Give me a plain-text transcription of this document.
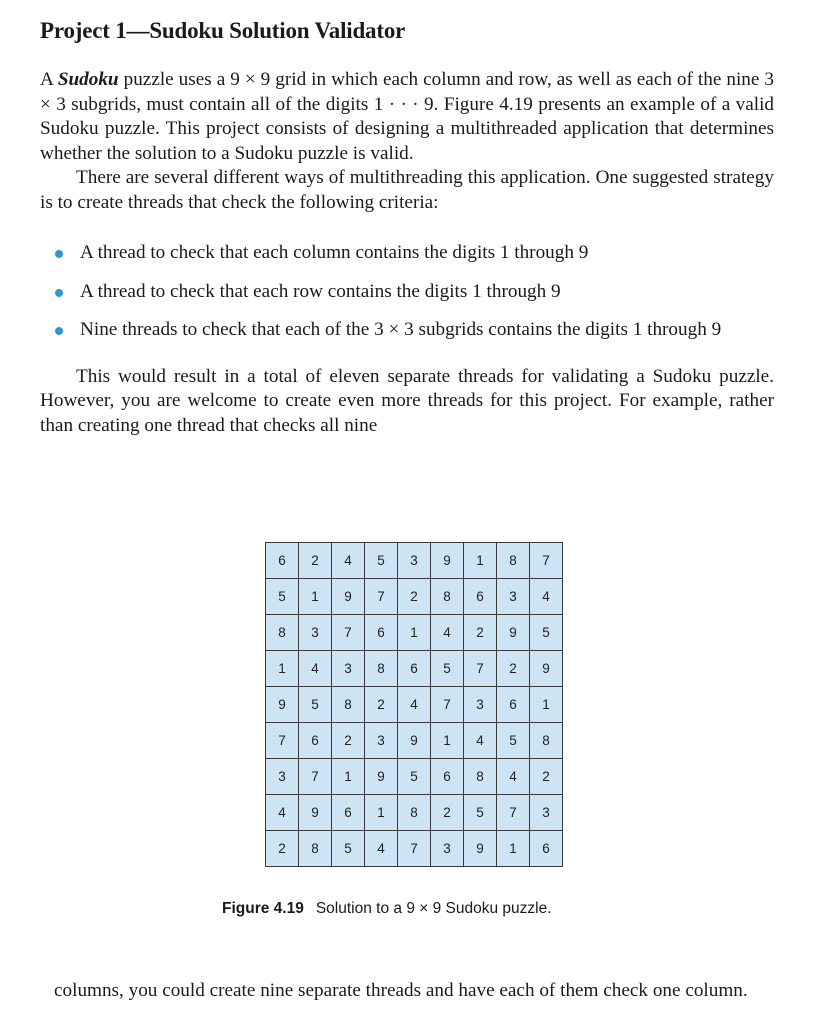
Project 1—Sudoku Solution Validator

A Sudoku puzzle uses a 9 × 9 grid in which each column and row, as well as each of the nine 3 × 3 subgrids, must contain all of the digits 1 · · · 9. Figure 4.19 presents an example of a valid Sudoku puzzle. This project consists of designing a multithreaded application that determines whether the solution to a Sudoku puzzle is valid.

There are several different ways of multithreading this application. One suggested strategy is to create threads that check the following criteria:

A thread to check that each column contains the digits 1 through 9
A thread to check that each row contains the digits 1 through 9
Nine threads to check that each of the 3 × 3 subgrids contains the digits 1 through 9

This would result in a total of eleven separate threads for validating a Sudoku puzzle. However, you are welcome to create even more threads for this project. For example, rather than creating one thread that checks all nine

6	2	4	5	3	9	1	8	7
5	1	9	7	2	8	6	3	4
8	3	7	6	1	4	2	9	5
1	4	3	8	6	5	7	2	9
9	5	8	2	4	7	3	6	1
7	6	2	3	9	1	4	5	8
3	7	1	9	5	6	8	4	2
4	9	6	1	8	2	5	7	3
2	8	5	4	7	3	9	1	6
Figure 4.19 Solution to a 9 × 9 Sudoku puzzle.

columns, you could create nine separate threads and have each of them check one column.
